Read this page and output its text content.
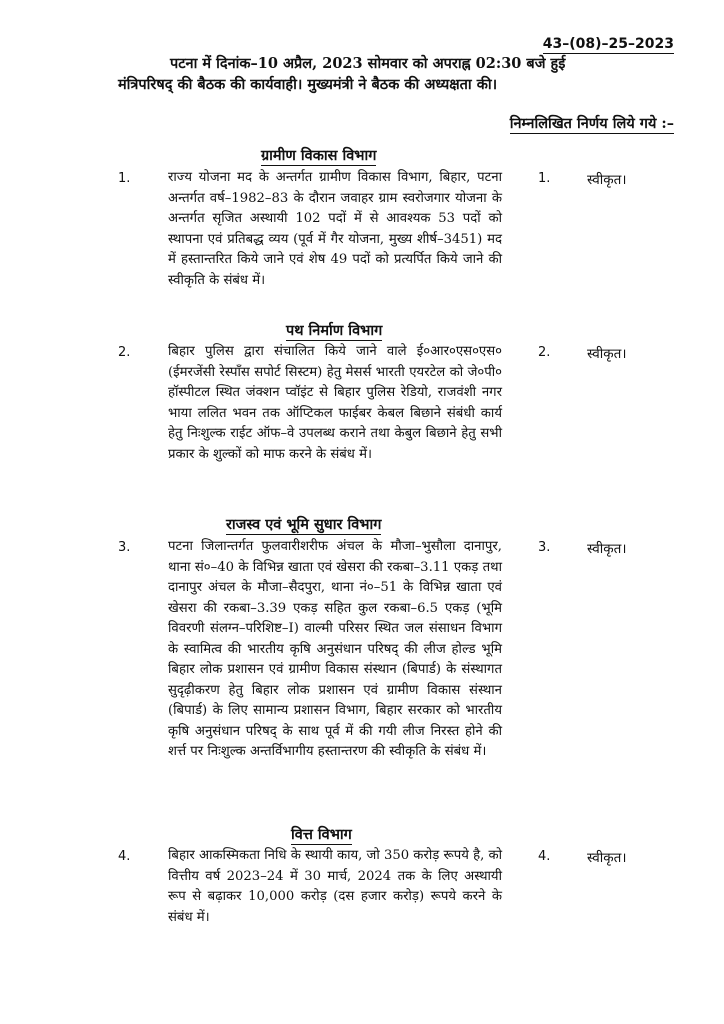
43–(08)–25–2023
पटना में दिनांक–10 अप्रैल, 2023 सोमवार को अपराह्न 02:30 बजे हुई
मंत्रिपरिषद् की बैठक की कार्यवाही। मुख्यमंत्री ने बैठक की अध्यक्षता की।
निम्नलिखित निर्णय लिये गये :–
ग्रामीण विकास विभाग
1.	राज्य योजना मद के अन्तर्गत ग्रामीण विकास विभाग, बिहार, पटना अन्तर्गत वर्ष–1982–83 के दौरान जवाहर ग्राम स्वरोजगार योजना के अन्तर्गत सृजित अस्थायी 102 पदों में से आवश्यक 53 पदों को स्थापना एवं प्रतिबद्ध व्यय (पूर्व में गैर योजना, मुख्य शीर्ष–3451) मद में हस्तान्तरित किये जाने एवं शेष 49 पदों को प्रत्यर्पित किये जाने की स्वीकृति के संबंध में।
1.	स्वीकृत।
पथ निर्माण विभाग
2.	बिहार पुलिस द्वारा संचालित किये जाने वाले ई०आर०एस०एस० (ईमरजेंसी रेस्पॉंस सपोर्ट सिस्टम) हेतु मेसर्स भारती एयरटेल को जे०पी० हॉस्पीटल स्थित जंक्शन प्वॉइंट से बिहार पुलिस रेडियो, राजवंशी नगर भाया ललित भवन तक ऑप्टिकल फाईबर केबल बिछाने संबंधी कार्य हेतु निःशुल्क राईट ऑफ–वे उपलब्ध कराने तथा केबुल बिछाने हेतु सभी प्रकार के शुल्कों को माफ करने के संबंध में।
2.	स्वीकृत।
राजस्व एवं भूमि सुधार विभाग
3.	पटना जिलान्तर्गत फुलवारीशरीफ अंचल के मौजा–भुसौला दानापुर, थाना सं०–40 के विभिन्न खाता एवं खेसरा की रकबा–3.11 एकड़ तथा दानापुर अंचल के मौजा–सैदपुरा, थाना नं०–51 के विभिन्न खाता एवं खेसरा की रकबा–3.39 एकड़ सहित कुल रकबा–6.5 एकड़ (भूमि विवरणी संलग्न–परिशिष्ट–I) वाल्मी परिसर स्थित जल संसाधन विभाग के स्वामित्व की भारतीय कृषि अनुसंधान परिषद् की लीज होल्ड भूमि बिहार लोक प्रशासन एवं ग्रामीण विकास संस्थान (बिपार्ड) के संस्थागत सुदृढ़ीकरण हेतु बिहार लोक प्रशासन एवं ग्रामीण विकास संस्थान (बिपार्ड) के लिए सामान्य प्रशासन विभाग, बिहार सरकार को भारतीय कृषि अनुसंधान परिषद् के साथ पूर्व में की गयी लीज निरस्त होने की शर्त्त पर निःशुल्क अन्तर्विभागीय हस्तान्तरण की स्वीकृति के संबंध में।
3.	स्वीकृत।
वित्त विभाग
4.	बिहार आकस्मिकता निधि के स्थायी काय, जो 350 करोड़ रूपये है, को वित्तीय वर्ष 2023–24 में 30 मार्च, 2024 तक के लिए अस्थायी रूप से बढ़ाकर 10,000 करोड़ (दस हजार करोड़) रूपये करने के संबंध में।
4.	स्वीकृत।
